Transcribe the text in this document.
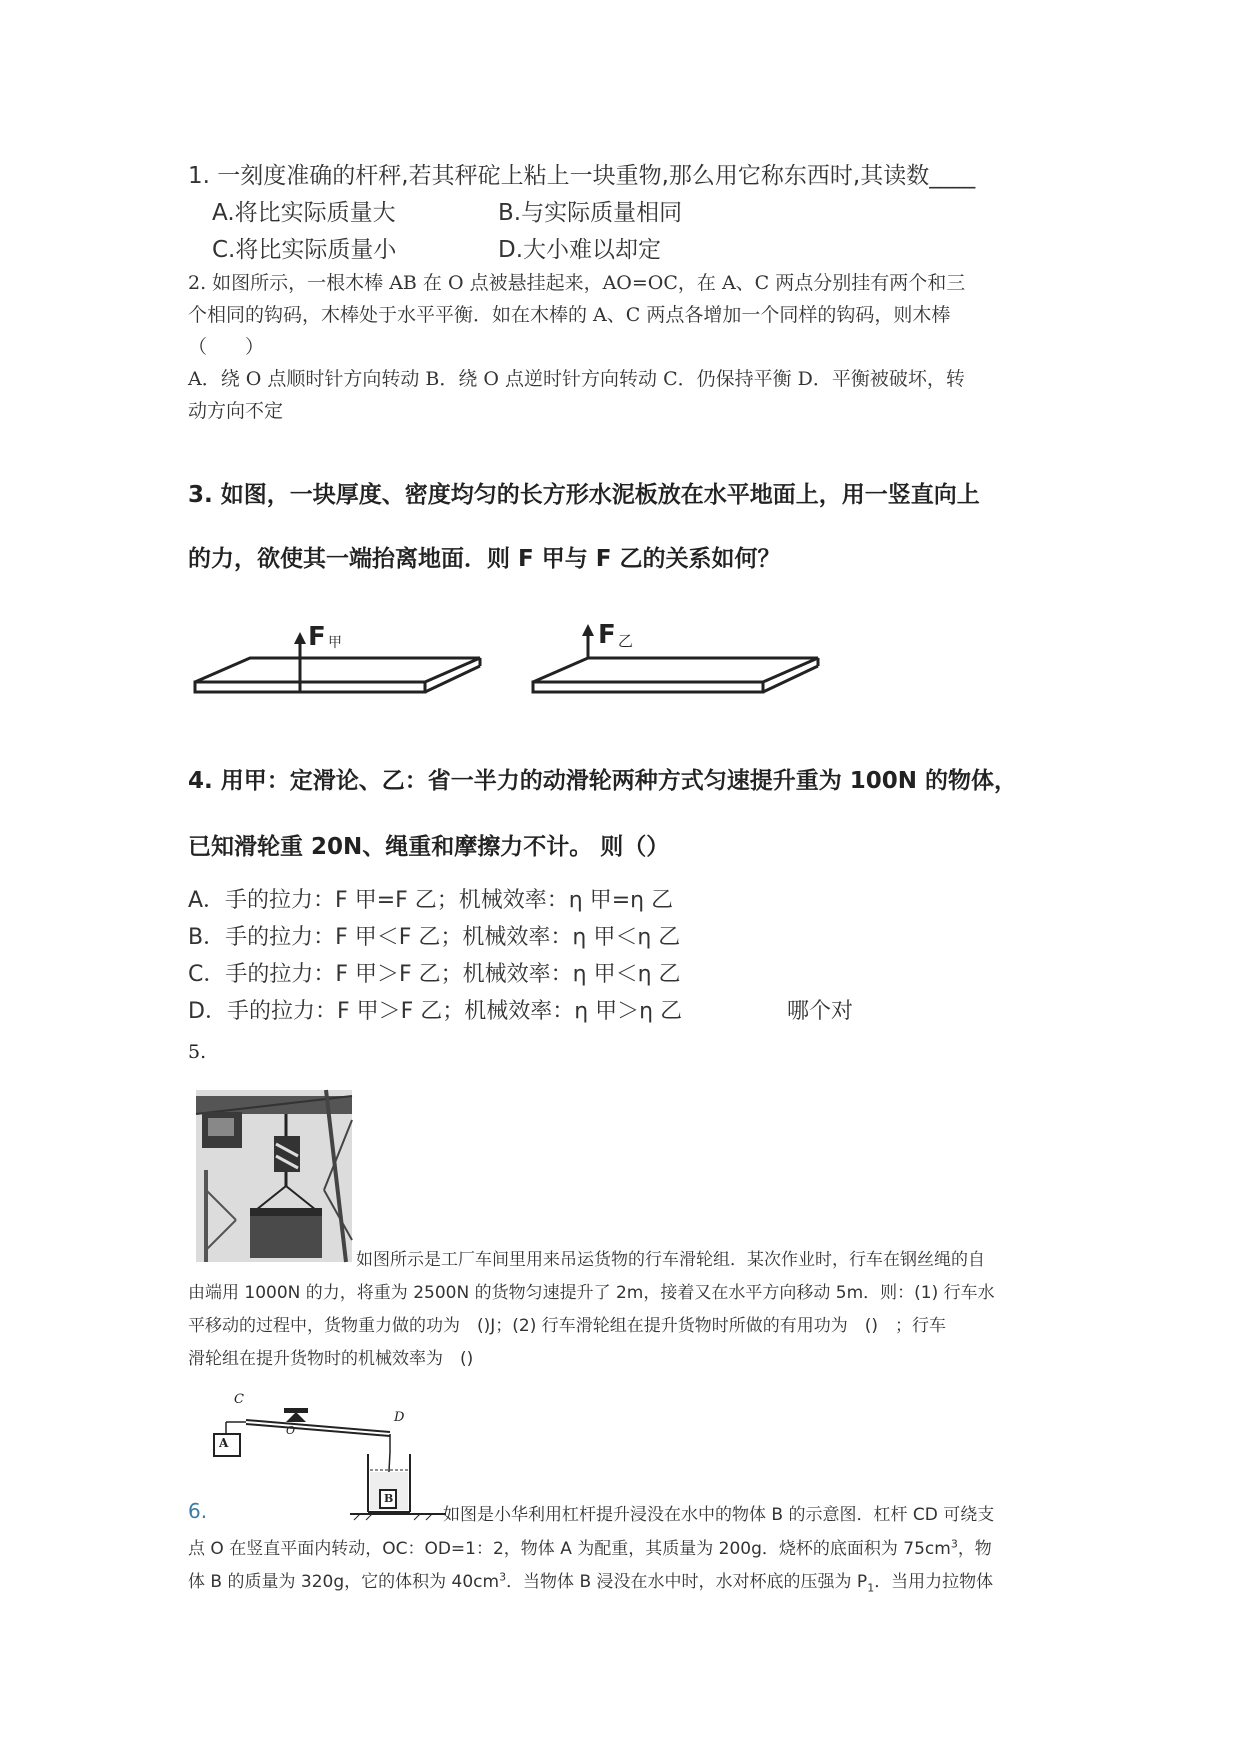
1. 一刻度准确的杆秤,若其秤砣上粘上一块重物,那么用它称东西时,其读数____
A.将比实际质量大	B.与实际质量相同
C.将比实际质量小	D.大小难以却定
2. 如图所示，一根木棒 AB 在 O 点被悬挂起来，AO=OC，在 A、C 两点分别挂有两个和三
个相同的钩码，木棒处于水平平衡．如在木棒的 A、C 两点各增加一个同样的钩码，则木棒
（　　）
A．绕 O 点顺时针方向转动 B．绕 O 点逆时针方向转动 C．仍保持平衡 D．平衡被破坏，转
动方向不定
3. 如图，一块厚度、密度均匀的长方形水泥板放在水平地面上，用一竖直向上
的力，欲使其一端抬离地面．则 F 甲与 F 乙的关系如何？
F 甲	F 乙
4. 用甲：定滑论、乙：省一半力的动滑轮两种方式匀速提升重为 100N 的物体，
已知滑轮重 20N、绳重和摩擦力不计。 则（）
A．手的拉力：F 甲=F 乙；机械效率：η 甲=η 乙
B．手的拉力：F 甲＜F 乙；机械效率：η 甲＜η 乙
C．手的拉力：F 甲＞F 乙；机械效率：η 甲＜η 乙
D．手的拉力：F 甲＞F 乙；机械效率：η 甲＞η 乙	哪个对
5.
如图所示是工厂车间里用来吊运货物的行车滑轮组．某次作业时，行车在钢丝绳的自
由端用 1000N 的力，将重为 2500N 的货物匀速提升了 2m，接着又在水平方向移动 5m．则：(1) 行车水
平移动的过程中，货物重力做的功为　()J；(2) 行车滑轮组在提升货物时所做的有用功为　()　；行车
滑轮组在提升货物时的机械效率为　()
C
O
D
A
B
6.	如图是小华利用杠杆提升浸没在水中的物体 B 的示意图．杠杆 CD 可绕支
点 O 在竖直平面内转动，OC：OD=1：2，物体 A 为配重，其质量为 200g．烧杯的底面积为 $75cm^3$，物
体 B 的质量为 320g，它的体积为 $40cm^3$．当物体 B 浸没在水中时，水对杯底的压强为 $P_1$．当用力拉物体
